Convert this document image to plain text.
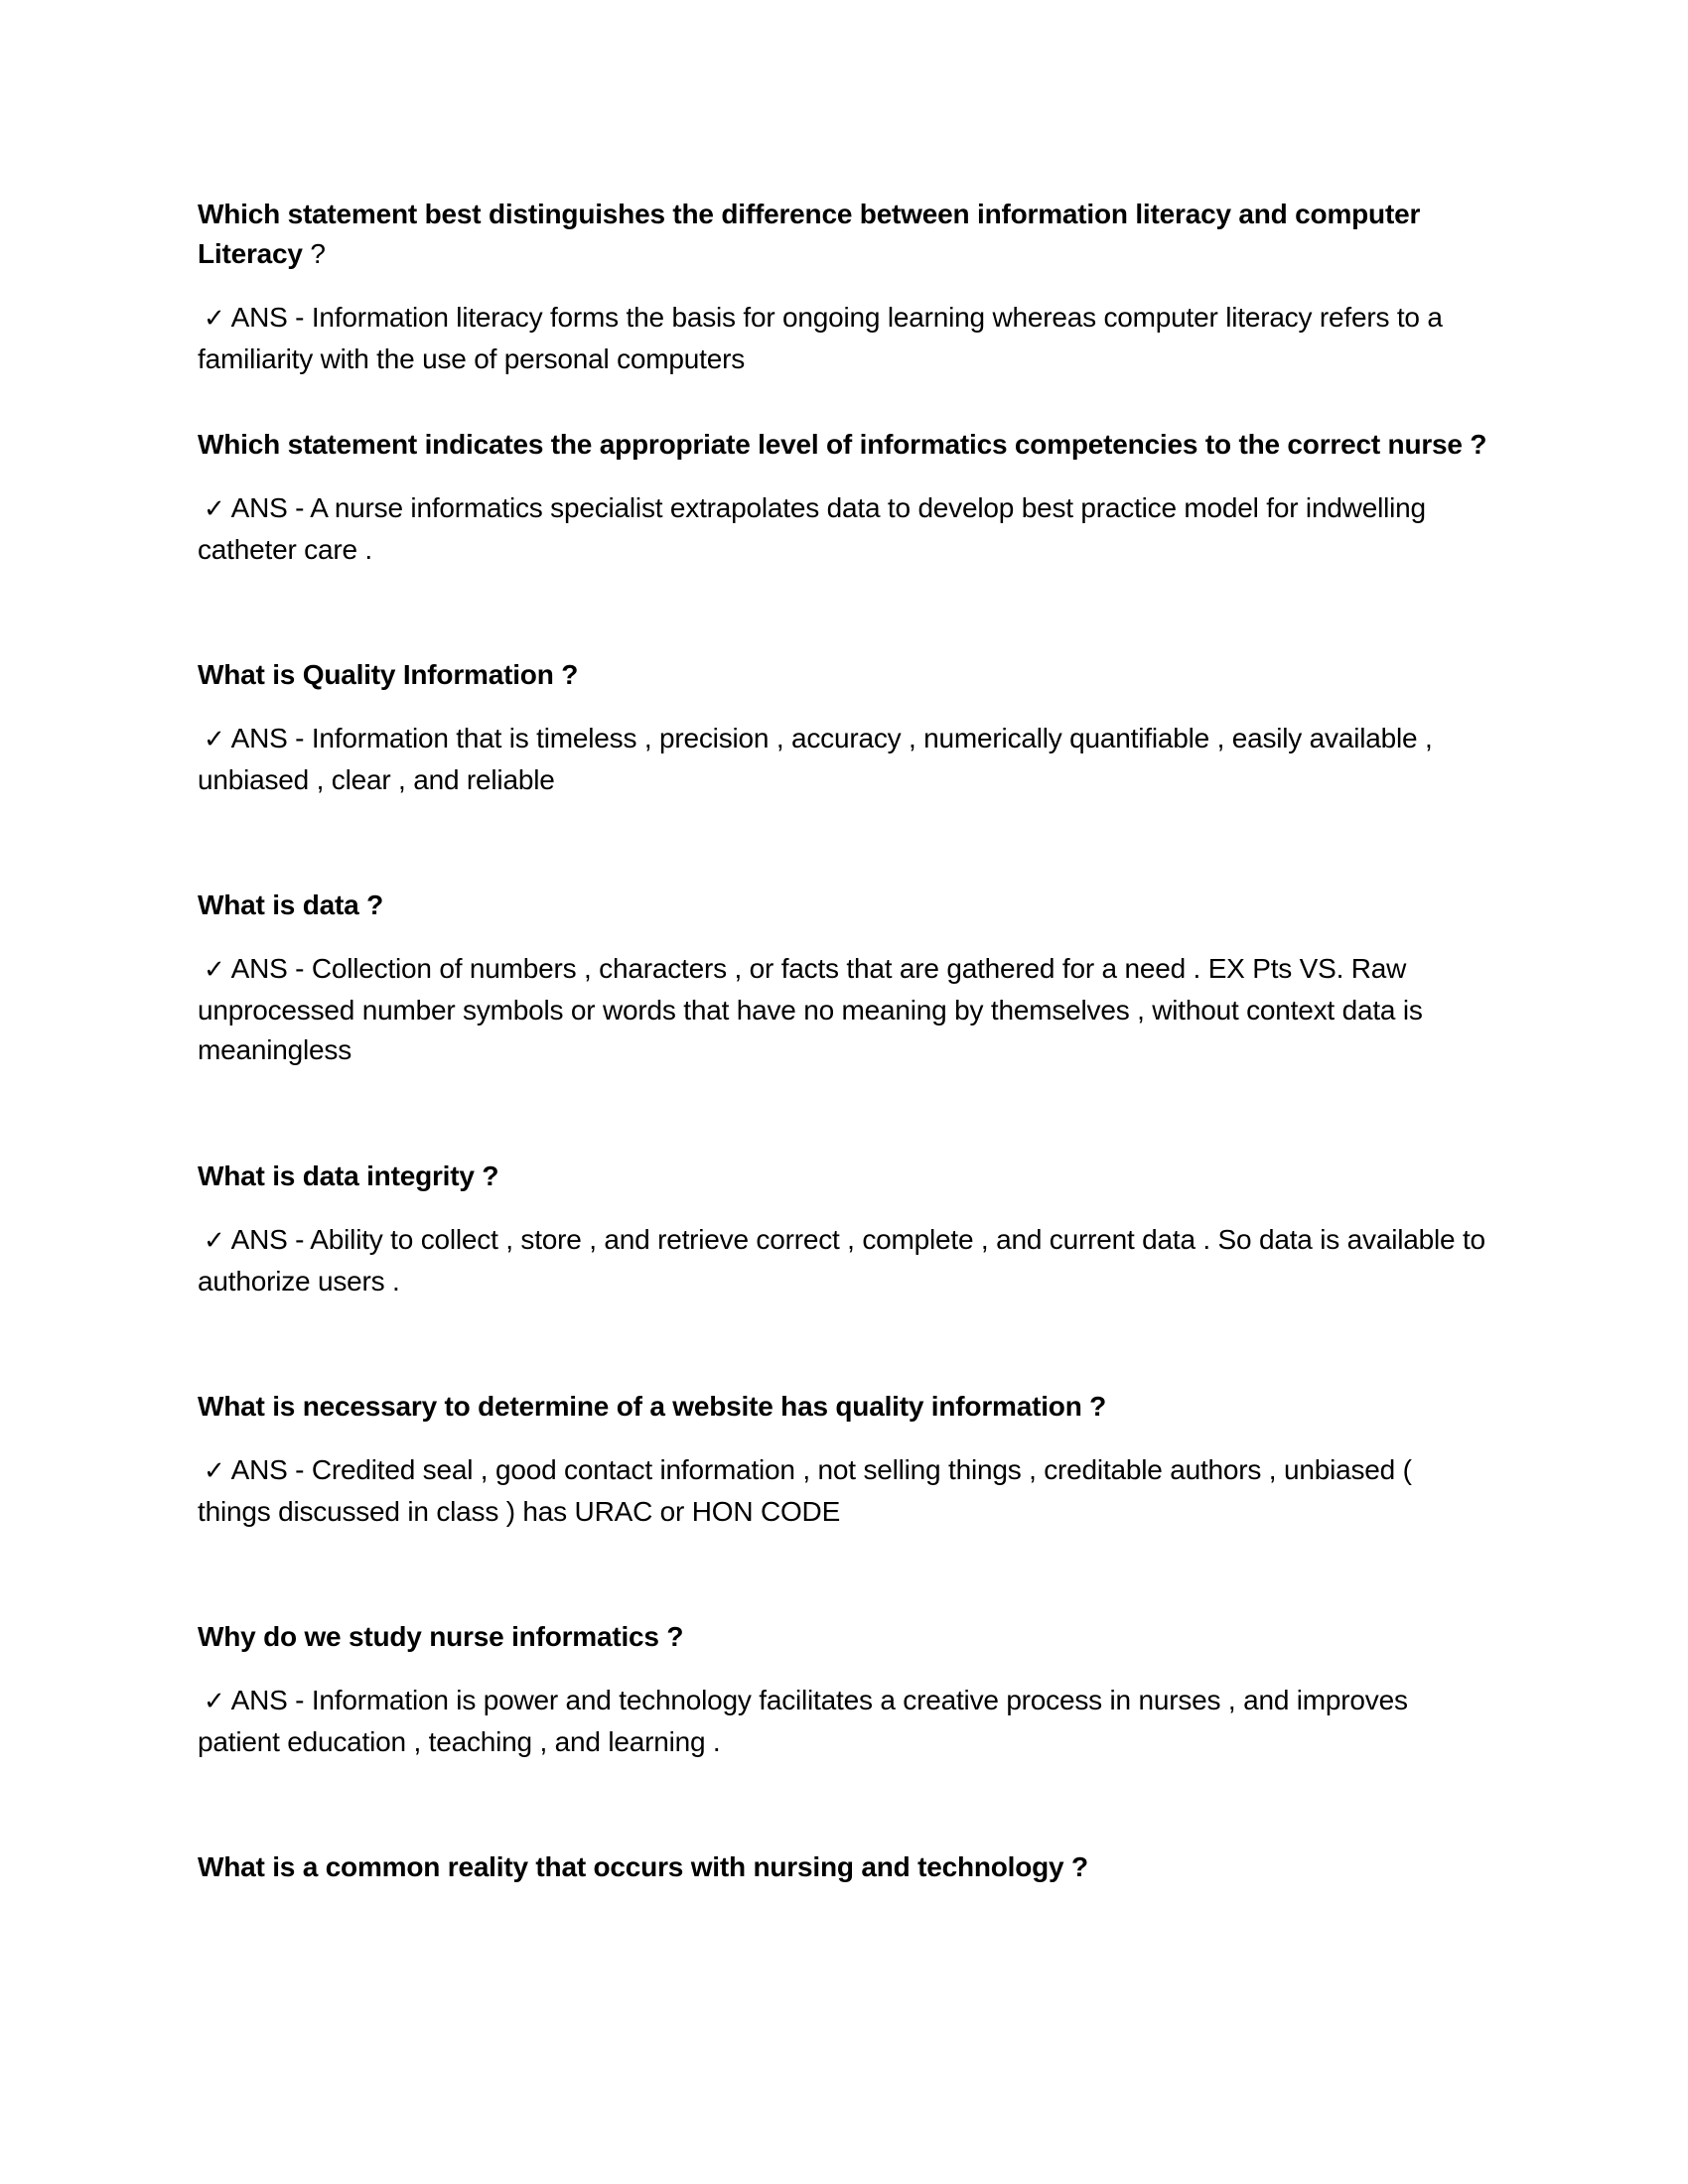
Which statement best distinguishes the difference between information literacy and computer Literacy ?

✓ ANS - Information literacy forms the basis for ongoing learning whereas computer literacy refers to a familiarity with the use of personal computers

Which statement indicates the appropriate level of informatics competencies to the correct nurse ?

✓ ANS - A nurse informatics specialist extrapolates data to develop best practice model for indwelling catheter care .

What is Quality Information ?

✓ ANS - Information that is timeless , precision , accuracy , numerically quantifiable , easily available , unbiased , clear , and reliable

What is data ?

✓ ANS - Collection of numbers , characters , or facts that are gathered for a need . EX Pts VS. Raw unprocessed number symbols or words that have no meaning by themselves , without context data is meaningless

What is data integrity ?

✓ ANS - Ability to collect , store , and retrieve correct , complete , and current data . So data is available to authorize users .

What is necessary to determine of a website has quality information ?

✓ ANS - Credited seal , good contact information , not selling things , creditable authors , unbiased ( things discussed in class ) has URAC or HON CODE

Why do we study nurse informatics ?

✓ ANS - Information is power and technology facilitates a creative process in nurses , and improves patient education , teaching , and learning .

What is a common reality that occurs with nursing and technology ?
